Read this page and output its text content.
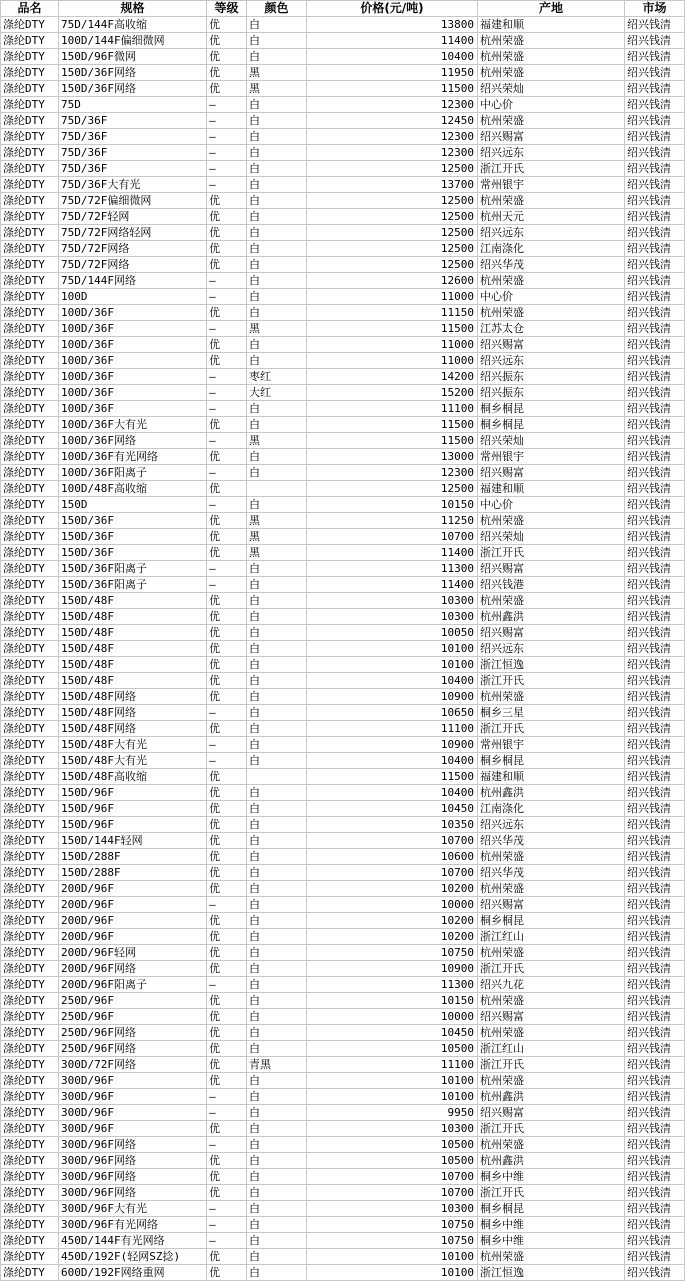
品名	规格	等级	颜色	价格(元/吨)	产地	市场
涤纶DTY	75D/144F高收缩	优	白	13800	福建和顺	绍兴钱清
涤纶DTY	100D/144F偏细微网	优	白	11400	杭州荣盛	绍兴钱清
涤纶DTY	150D/96F微网	优	白	10400	杭州荣盛	绍兴钱清
涤纶DTY	150D/36F网络	优	黑	11950	杭州荣盛	绍兴钱清
涤纶DTY	150D/36F网络	优	黑	11500	绍兴荣灿	绍兴钱清
涤纶DTY	75D	—	白	12300	中心价	绍兴钱清
涤纶DTY	75D/36F	—	白	12450	杭州荣盛	绍兴钱清
涤纶DTY	75D/36F	—	白	12300	绍兴赐富	绍兴钱清
涤纶DTY	75D/36F	—	白	12300	绍兴远东	绍兴钱清
涤纶DTY	75D/36F	—	白	12500	浙江开氏	绍兴钱清
涤纶DTY	75D/36F大有光	—	白	13700	常州银宇	绍兴钱清
涤纶DTY	75D/72F偏细微网	优	白	12500	杭州荣盛	绍兴钱清
涤纶DTY	75D/72F轻网	优	白	12500	杭州天元	绍兴钱清
涤纶DTY	75D/72F网络轻网	优	白	12500	绍兴远东	绍兴钱清
涤纶DTY	75D/72F网络	优	白	12500	江南涤化	绍兴钱清
涤纶DTY	75D/72F网络	优	白	12500	绍兴华茂	绍兴钱清
涤纶DTY	75D/144F网络	—	白	12600	杭州荣盛	绍兴钱清
涤纶DTY	100D	—	白	11000	中心价	绍兴钱清
涤纶DTY	100D/36F	优	白	11150	杭州荣盛	绍兴钱清
涤纶DTY	100D/36F	—	黑	11500	江苏太仓	绍兴钱清
涤纶DTY	100D/36F	优	白	11000	绍兴赐富	绍兴钱清
涤纶DTY	100D/36F	优	白	11000	绍兴远东	绍兴钱清
涤纶DTY	100D/36F	—	枣红	14200	绍兴振东	绍兴钱清
涤纶DTY	100D/36F	—	大红	15200	绍兴振东	绍兴钱清
涤纶DTY	100D/36F	—	白	11100	桐乡桐昆	绍兴钱清
涤纶DTY	100D/36F大有光	优	白	11500	桐乡桐昆	绍兴钱清
涤纶DTY	100D/36F网络	—	黑	11500	绍兴荣灿	绍兴钱清
涤纶DTY	100D/36F有光网络	优	白	13000	常州银宇	绍兴钱清
涤纶DTY	100D/36F阳离子	—	白	12300	绍兴赐富	绍兴钱清
涤纶DTY	100D/48F高收缩	优		12500	福建和顺	绍兴钱清
涤纶DTY	150D	—	白	10150	中心价	绍兴钱清
涤纶DTY	150D/36F	优	黑	11250	杭州荣盛	绍兴钱清
涤纶DTY	150D/36F	优	黑	10700	绍兴荣灿	绍兴钱清
涤纶DTY	150D/36F	优	黑	11400	浙江开氏	绍兴钱清
涤纶DTY	150D/36F阳离子	—	白	11300	绍兴赐富	绍兴钱清
涤纶DTY	150D/36F阳离子	—	白	11400	绍兴钱港	绍兴钱清
涤纶DTY	150D/48F	优	白	10300	杭州荣盛	绍兴钱清
涤纶DTY	150D/48F	优	白	10300	杭州鑫洪	绍兴钱清
涤纶DTY	150D/48F	优	白	10050	绍兴赐富	绍兴钱清
涤纶DTY	150D/48F	优	白	10100	绍兴远东	绍兴钱清
涤纶DTY	150D/48F	优	白	10100	浙江恒逸	绍兴钱清
涤纶DTY	150D/48F	优	白	10400	浙江开氏	绍兴钱清
涤纶DTY	150D/48F网络	优	白	10900	杭州荣盛	绍兴钱清
涤纶DTY	150D/48F网络	—	白	10650	桐乡三星	绍兴钱清
涤纶DTY	150D/48F网络	优	白	11100	浙江开氏	绍兴钱清
涤纶DTY	150D/48F大有光	—	白	10900	常州银宇	绍兴钱清
涤纶DTY	150D/48F大有光	—	白	10400	桐乡桐昆	绍兴钱清
涤纶DTY	150D/48F高收缩	优		11500	福建和顺	绍兴钱清
涤纶DTY	150D/96F	优	白	10400	杭州鑫洪	绍兴钱清
涤纶DTY	150D/96F	优	白	10450	江南涤化	绍兴钱清
涤纶DTY	150D/96F	优	白	10350	绍兴远东	绍兴钱清
涤纶DTY	150D/144F轻网	优	白	10700	绍兴华茂	绍兴钱清
涤纶DTY	150D/288F	优	白	10600	杭州荣盛	绍兴钱清
涤纶DTY	150D/288F	优	白	10700	绍兴华茂	绍兴钱清
涤纶DTY	200D/96F	优	白	10200	杭州荣盛	绍兴钱清
涤纶DTY	200D/96F	—	白	10000	绍兴赐富	绍兴钱清
涤纶DTY	200D/96F	优	白	10200	桐乡桐昆	绍兴钱清
涤纶DTY	200D/96F	优	白	10200	浙江红山	绍兴钱清
涤纶DTY	200D/96F轻网	优	白	10750	杭州荣盛	绍兴钱清
涤纶DTY	200D/96F网络	优	白	10900	浙江开氏	绍兴钱清
涤纶DTY	200D/96F阳离子	—	白	11300	绍兴九花	绍兴钱清
涤纶DTY	250D/96F	优	白	10150	杭州荣盛	绍兴钱清
涤纶DTY	250D/96F	优	白	10000	绍兴赐富	绍兴钱清
涤纶DTY	250D/96F网络	优	白	10450	杭州荣盛	绍兴钱清
涤纶DTY	250D/96F网络	优	白	10500	浙江红山	绍兴钱清
涤纶DTY	300D/72F网络	优	青黑	11100	浙江开氏	绍兴钱清
涤纶DTY	300D/96F	优	白	10100	杭州荣盛	绍兴钱清
涤纶DTY	300D/96F	—	白	10100	杭州鑫洪	绍兴钱清
涤纶DTY	300D/96F	—	白	9950	绍兴赐富	绍兴钱清
涤纶DTY	300D/96F	优	白	10300	浙江开氏	绍兴钱清
涤纶DTY	300D/96F网络	—	白	10500	杭州荣盛	绍兴钱清
涤纶DTY	300D/96F网络	优	白	10500	杭州鑫洪	绍兴钱清
涤纶DTY	300D/96F网络	优	白	10700	桐乡中维	绍兴钱清
涤纶DTY	300D/96F网络	优	白	10700	浙江开氏	绍兴钱清
涤纶DTY	300D/96F大有光	—	白	10300	桐乡桐昆	绍兴钱清
涤纶DTY	300D/96F有光网络	—	白	10750	桐乡中维	绍兴钱清
涤纶DTY	450D/144F有光网络	—	白	10750	桐乡中维	绍兴钱清
涤纶DTY	450D/192F(轻网SZ捻)	优	白	10100	杭州荣盛	绍兴钱清
涤纶DTY	600D/192F网络重网	优	白	10100	浙江恒逸	绍兴钱清
